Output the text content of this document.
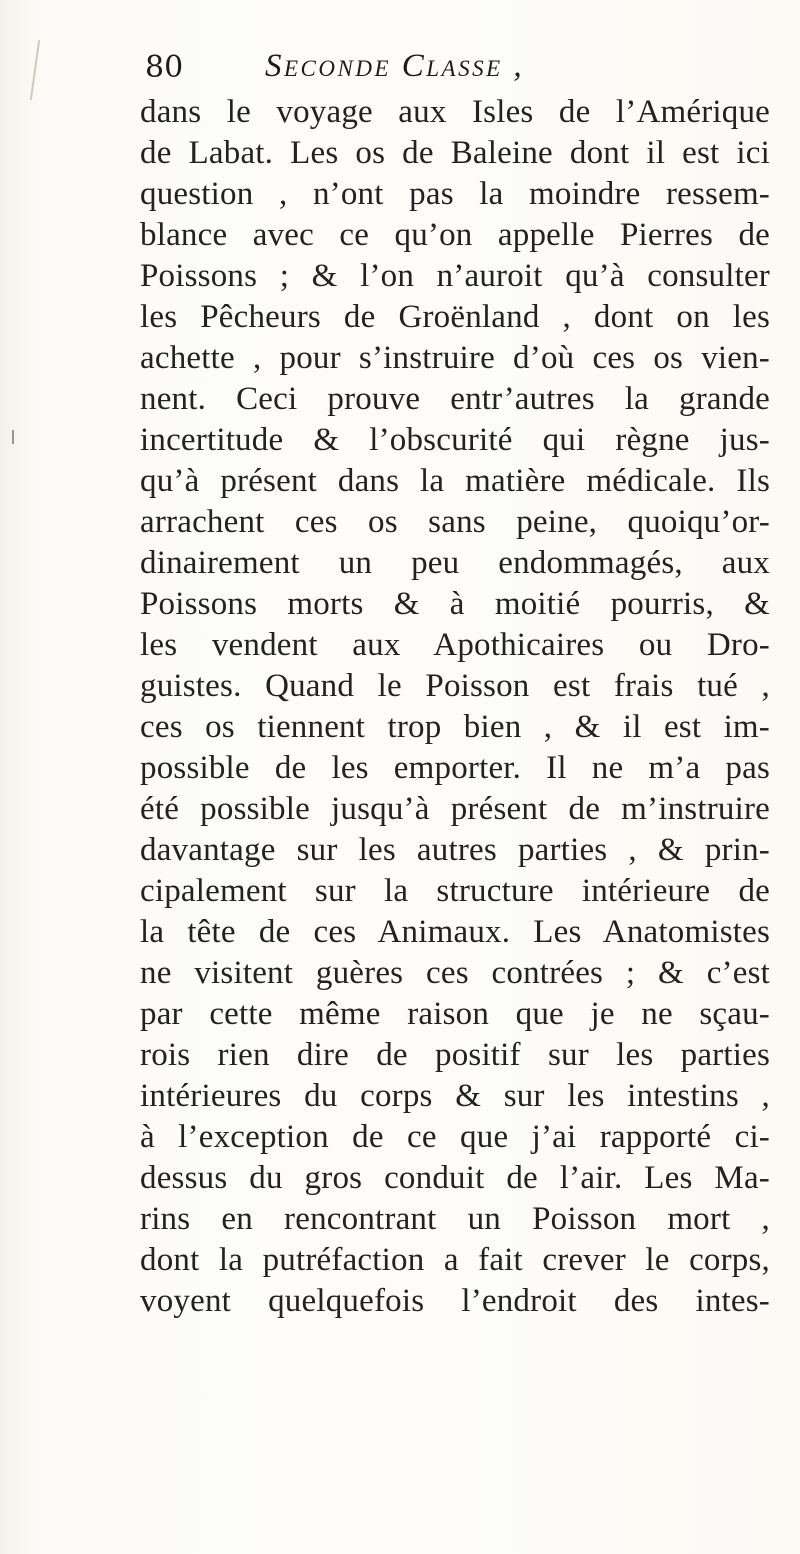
80 Seconde Classe ,
dans le voyage aux Isles de l’Amérique
de Labat. Les os de Baleine dont il est ici
question , n’ont pas la moindre ressem-
blance avec ce qu’on appelle Pierres de
Poissons ; & l’on n’auroit qu’à consulter
les Pêcheurs de Groënland , dont on les
achette , pour s’instruire d’où ces os vien-
nent. Ceci prouve entr’autres la grande
incertitude & l’obscurité qui règne jus-
qu’à présent dans la matière médicale. Ils
arrachent ces os sans peine, quoiqu’or-
dinairement un peu endommagés, aux
Poissons morts & à moitié pourris, &
les vendent aux Apothicaires ou Dro-
guistes. Quand le Poisson est frais tué ,
ces os tiennent trop bien , & il est im-
possible de les emporter. Il ne m’a pas
été possible jusqu’à présent de m’instruire
davantage sur les autres parties , & prin-
cipalement sur la structure intérieure de
la tête de ces Animaux. Les Anatomistes
ne visitent guères ces contrées ; & c’est
par cette même raison que je ne sçau-
rois rien dire de positif sur les parties
intérieures du corps & sur les intestins ,
à l’exception de ce que j’ai rapporté ci-
dessus du gros conduit de l’air. Les Ma-
rins en rencontrant un Poisson mort ,
dont la putréfaction a fait crever le corps,
voyent quelquefois l’endroit des intes-
